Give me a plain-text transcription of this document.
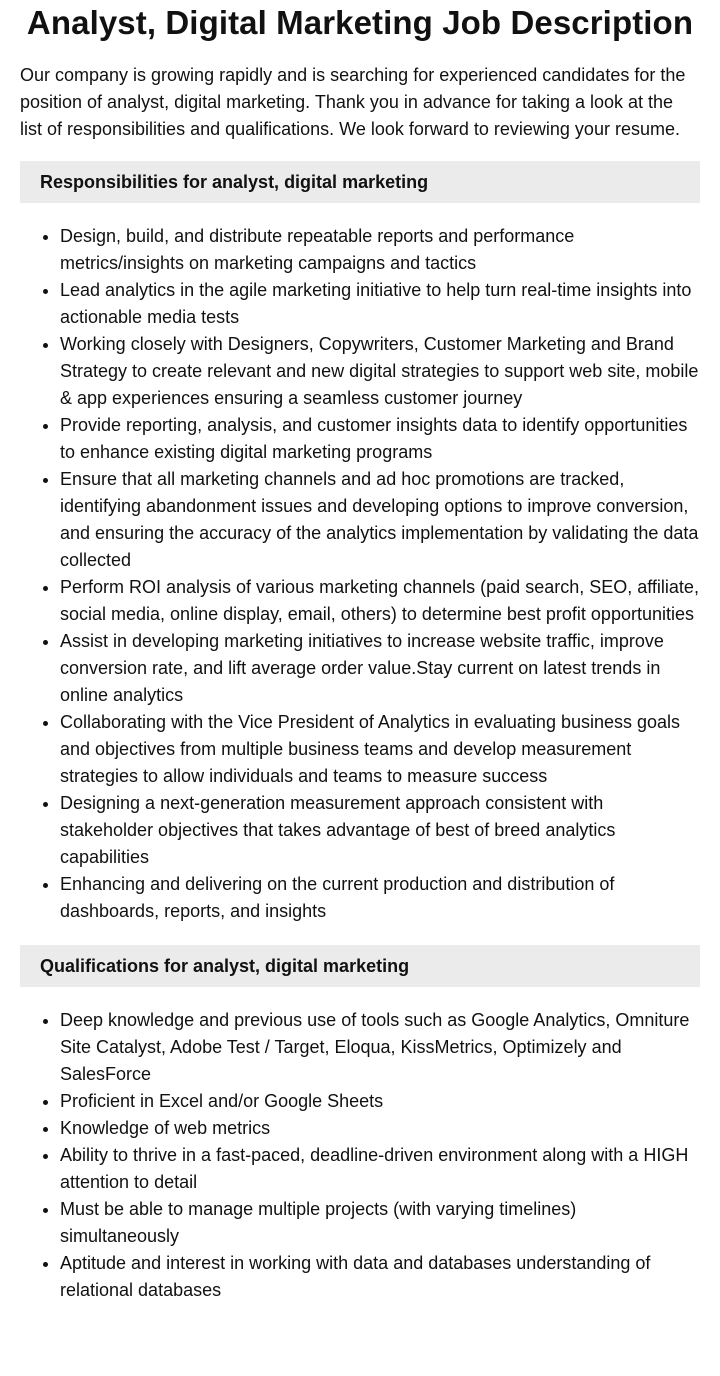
Analyst, Digital Marketing Job Description

Our company is growing rapidly and is searching for experienced candidates for the position of analyst, digital marketing. Thank you in advance for taking a look at the list of responsibilities and qualifications. We look forward to reviewing your resume.

Responsibilities for analyst, digital marketing
• Design, build, and distribute repeatable reports and performance metrics/insights on marketing campaigns and tactics
• Lead analytics in the agile marketing initiative to help turn real-time insights into actionable media tests
• Working closely with Designers, Copywriters, Customer Marketing and Brand Strategy to create relevant and new digital strategies to support web site, mobile & app experiences ensuring a seamless customer journey
• Provide reporting, analysis, and customer insights data to identify opportunities to enhance existing digital marketing programs
• Ensure that all marketing channels and ad hoc promotions are tracked, identifying abandonment issues and developing options to improve conversion, and ensuring the accuracy of the analytics implementation by validating the data collected
• Perform ROI analysis of various marketing channels (paid search, SEO, affiliate, social media, online display, email, others) to determine best profit opportunities
• Assist in developing marketing initiatives to increase website traffic, improve conversion rate, and lift average order value.Stay current on latest trends in online analytics
• Collaborating with the Vice President of Analytics in evaluating business goals and objectives from multiple business teams and develop measurement strategies to allow individuals and teams to measure success
• Designing a next-generation measurement approach consistent with stakeholder objectives that takes advantage of best of breed analytics capabilities
• Enhancing and delivering on the current production and distribution of dashboards, reports, and insights
Qualifications for analyst, digital marketing
• Deep knowledge and previous use of tools such as Google Analytics, Omniture Site Catalyst, Adobe Test / Target, Eloqua, KissMetrics, Optimizely and SalesForce
• Proficient in Excel and/or Google Sheets
• Knowledge of web metrics
• Ability to thrive in a fast-paced, deadline-driven environment along with a HIGH attention to detail
• Must be able to manage multiple projects (with varying timelines) simultaneously
• Aptitude and interest in working with data and databases understanding of relational databases
